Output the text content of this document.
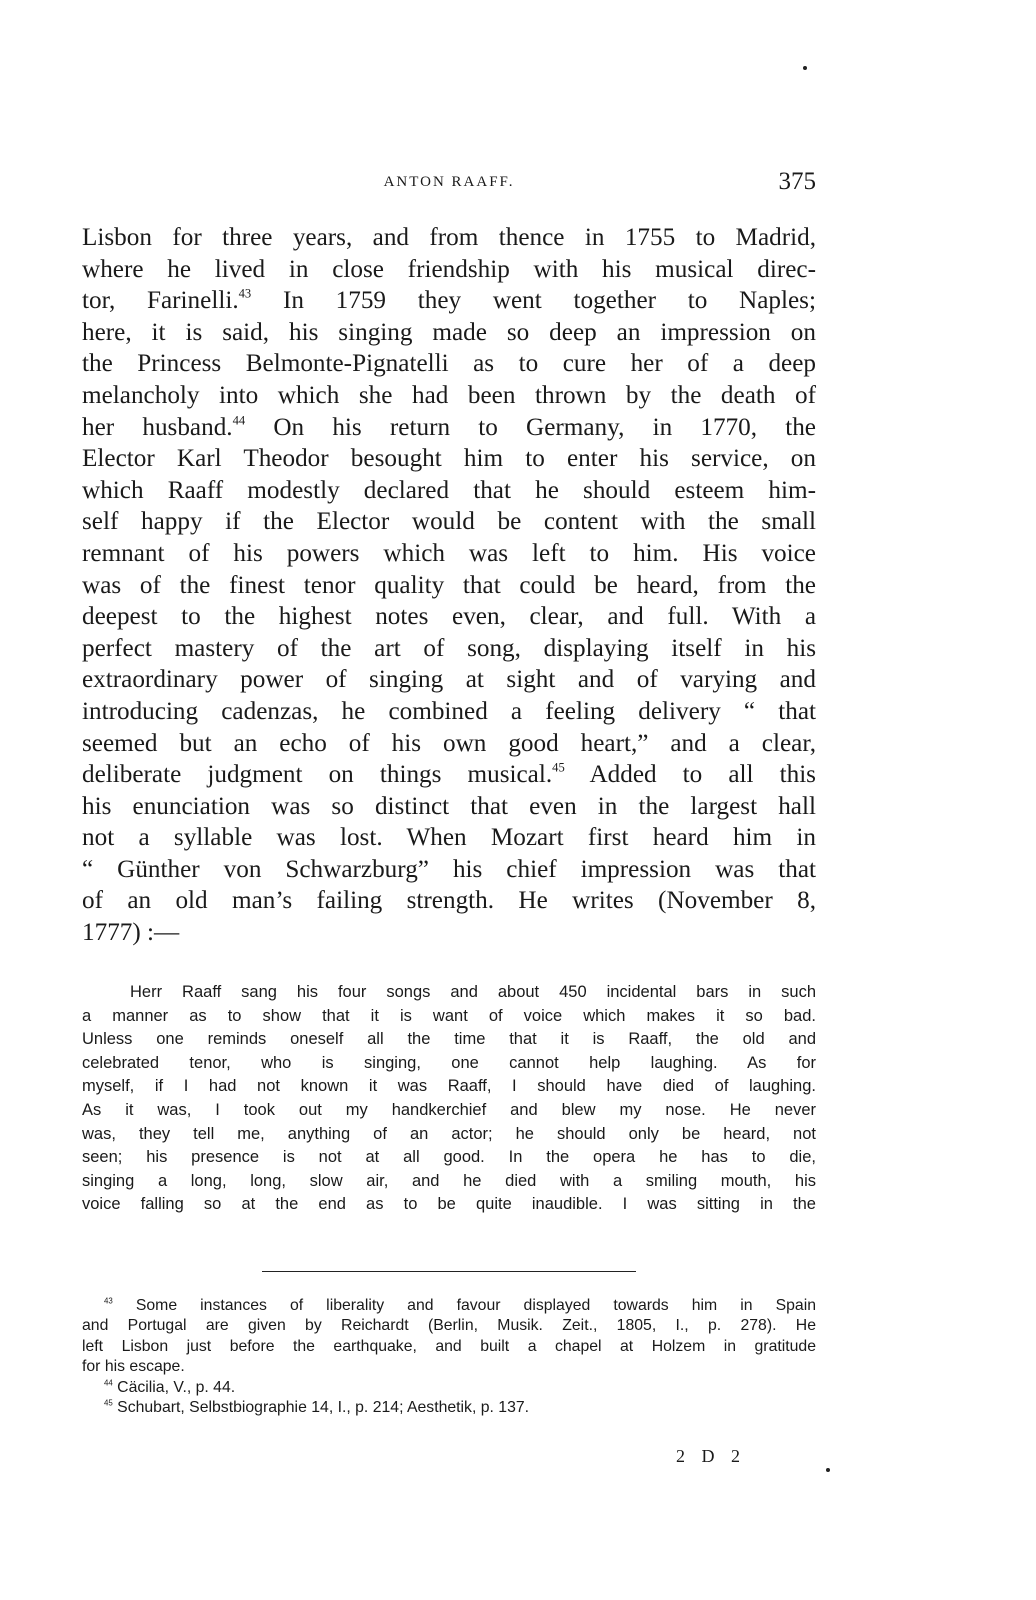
ANTON RAAFF.	375
Lisbon for three years, and from thence in 1755 to Madrid,
where he lived in close friendship with his musical direc-
tor, Farinelli.$^{43}$ In 1759 they went together to Naples;
here, it is said, his singing made so deep an impression on
the Princess Belmonte-Pignatelli as to cure her of a deep
melancholy into which she had been thrown by the death of
her husband.$^{44}$ On his return to Germany, in 1770, the
Elector Karl Theodor besought him to enter his service, on
which Raaff modestly declared that he should esteem him-
self happy if the Elector would be content with the small
remnant of his powers which was left to him. His voice
was of the finest tenor quality that could be heard, from the
deepest to the highest notes even, clear, and full. With a
perfect mastery of the art of song, displaying itself in his
extraordinary power of singing at sight and of varying and
introducing cadenzas, he combined a feeling delivery “ that
seemed but an echo of his own good heart,” and a clear,
deliberate judgment on things musical.$^{45}$ Added to all this
his enunciation was so distinct that even in the largest hall
not a syllable was lost. When Mozart first heard him in
“ Günther von Schwarzburg” his chief impression was that
of an old man’s failing strength. He writes (November 8,
1777) :—
Herr Raaff sang his four songs and about 450 incidental bars in such
a manner as to show that it is want of voice which makes it so bad.
Unless one reminds oneself all the time that it is Raaff, the old and
celebrated tenor, who is singing, one cannot help laughing. As for
myself, if I had not known it was Raaff, I should have died of laughing.
As it was, I took out my handkerchief and blew my nose. He never
was, they tell me, anything of an actor; he should only be heard, not
seen; his presence is not at all good. In the opera he has to die,
singing a long, long, slow air, and he died with a smiling mouth, his
voice falling so at the end as to be quite inaudible. I was sitting in the
$^{43}$ Some instances of liberality and favour displayed towards him in Spain
and Portugal are given by Reichardt (Berlin, Musik. Zeit., 1805, I., p. 278). He
left Lisbon just before the earthquake, and built a chapel at Holzem in gratitude
for his escape.
$^{44}$ Cäcilia, V., p. 44.
$^{45}$ Schubart, Selbstbiographie 14, I., p. 214; Aesthetik, p. 137.
2 D 2
